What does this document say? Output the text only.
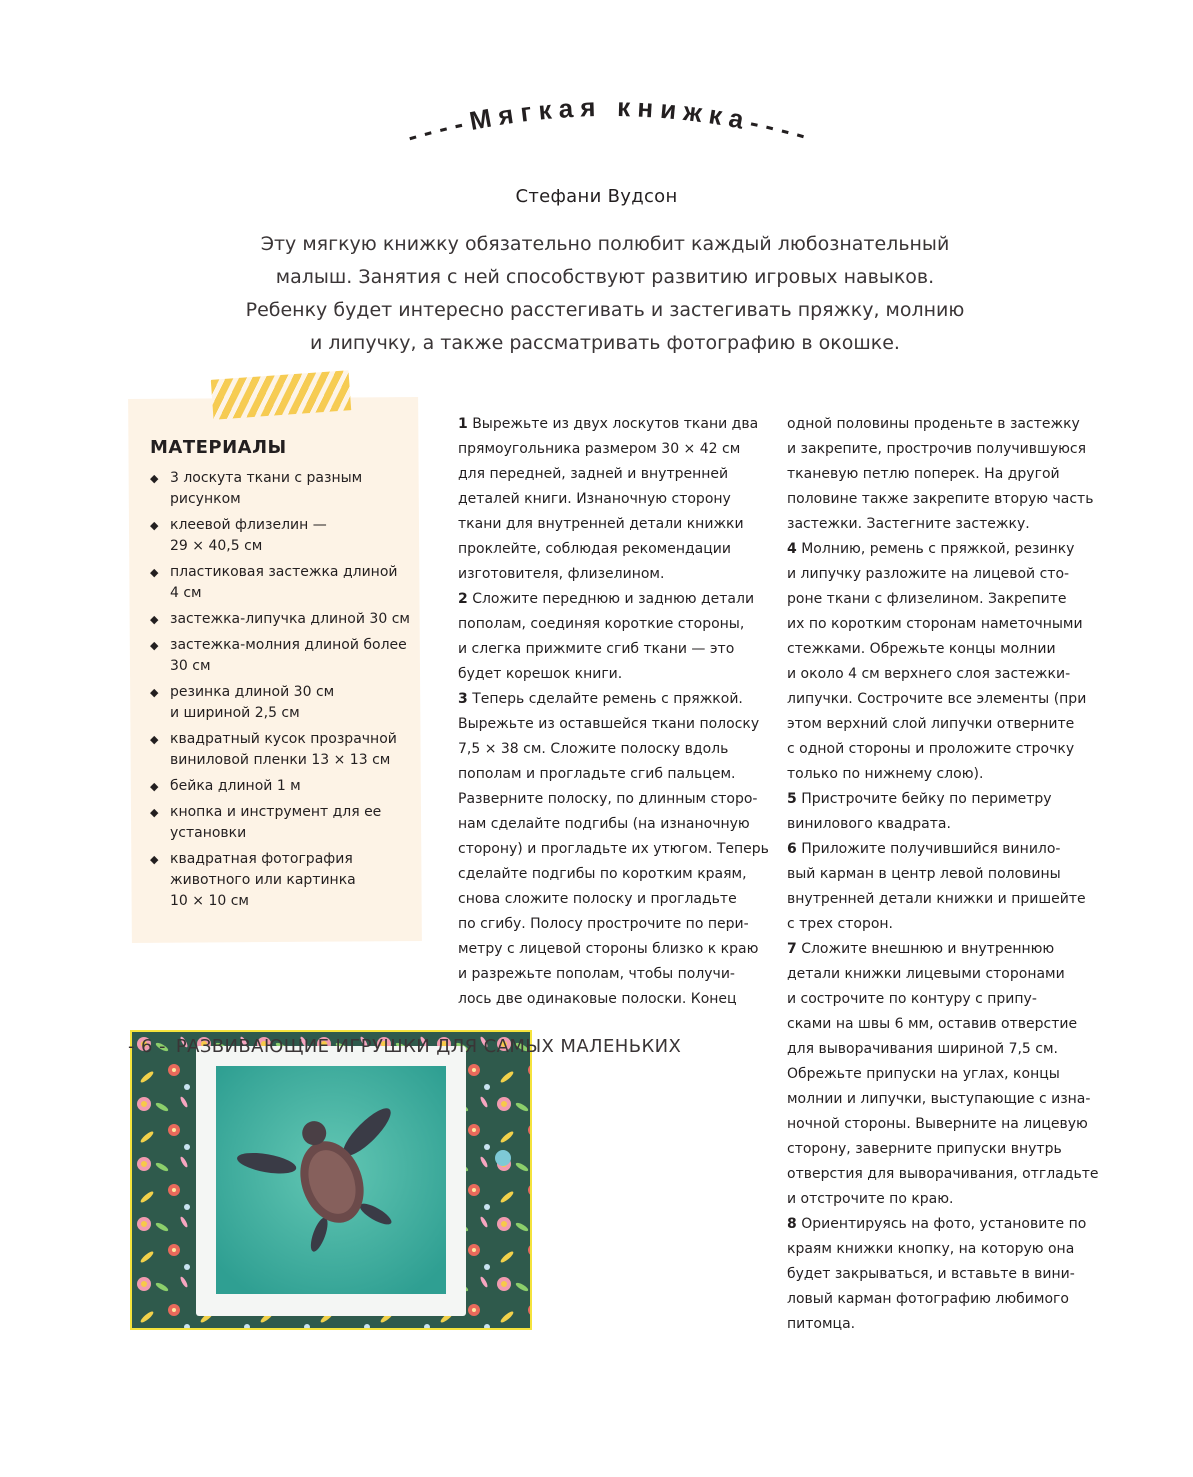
----Мягкая книжка----
Стефани Вудсон
Эту мягкую книжку обязательно полюбит каждый любознательный
малыш. Занятия с ней способствуют развитию игровых навыков.
Ребенку будет интересно расстегивать и застегивать пряжку, молнию
и липучку, а также рассматривать фотографию в окошке.
МАТЕРИАЛЫ
◆ 3 лоскута ткани с разным
рисунком
◆ клеевой флизелин —
29 × 40,5 см
◆ пластиковая застежка длиной
4 см
◆ застежка-липучка длиной 30 см
◆ застежка-молния длиной более
30 см
◆ резинка длиной 30 см
и шириной 2,5 см
◆ квадратный кусок прозрачной
виниловой пленки 13 × 13 см
◆ бейка длиной 1 м
◆ кнопка и инструмент для ее
установки
◆ квадратная фотография
животного или картинка
10 × 10 см
1 Вырежьте из двух лоскутов ткани два
прямоугольника размером 30 × 42 см
для передней, задней и внутренней
деталей книги. Изнаночную сторону
ткани для внутренней детали книжки
проклейте, соблюдая рекомендации
изготовителя, флизелином.
2 Сложите переднюю и заднюю детали
пополам, соединяя короткие стороны,
и слегка прижмите сгиб ткани — это
будет корешок книги.
3 Теперь сделайте ремень с пряжкой.
Вырежьте из оставшейся ткани полоску
7,5 × 38 см. Сложите полоску вдоль
пополам и прогладьте сгиб пальцем.
Разверните полоску, по длинным сторо-
нам сделайте подгибы (на изнаночную
сторону) и прогладьте их утюгом. Теперь
сделайте подгибы по коротким краям,
снова сложите полоску и прогладьте
по сгибу. Полосу прострочите по пери-
метру с лицевой стороны близко к краю
и разрежьте пополам, чтобы получи-
лось две одинаковые полоски. Конец
одной половины проденьте в застежку
и закрепите, прострочив получившуюся
тканевую петлю поперек. На другой
половине также закрепите вторую часть
застежки. Застегните застежку.
4 Молнию, ремень с пряжкой, резинку
и липучку разложите на лицевой сто-
роне ткани с флизелином. Закрепите
их по коротким сторонам наметочными
стежками. Обрежьте концы молнии
и около 4 см верхнего слоя застежки-
липучки. Сострочите все элементы (при
этом верхний слой липучки отверните
с одной стороны и проложите строчку
только по нижнему слою).
5 Пристрочите бейку по периметру
винилового квадрата.
6 Приложите получившийся винило-
вый карман в центр левой половины
внутренней детали книжки и пришейте
с трех сторон.
7 Сложите внешнюю и внутреннюю
детали книжки лицевыми сторонами
и сострочите по контуру с припу-
сками на швы 6 мм, оставив отверстие
для выворачивания шириной 7,5 см.
Обрежьте припуски на углах, концы
молнии и липучки, выступающие с изна-
ночной стороны. Выверните на лицевую
сторону, заверните припуски внутрь
отверстия для выворачивания, отгладьте
и отстрочите по краю.
8 Ориентируясь на фото, установите по
краям книжки кнопку, на которую она
будет закрываться, и вставьте в вини-
ловый карман фотографию любимого
питомца.
- 6 - РАЗВИВАЮЩИЕ ИГРУШКИ ДЛЯ САМЫХ МАЛЕНЬКИХ
